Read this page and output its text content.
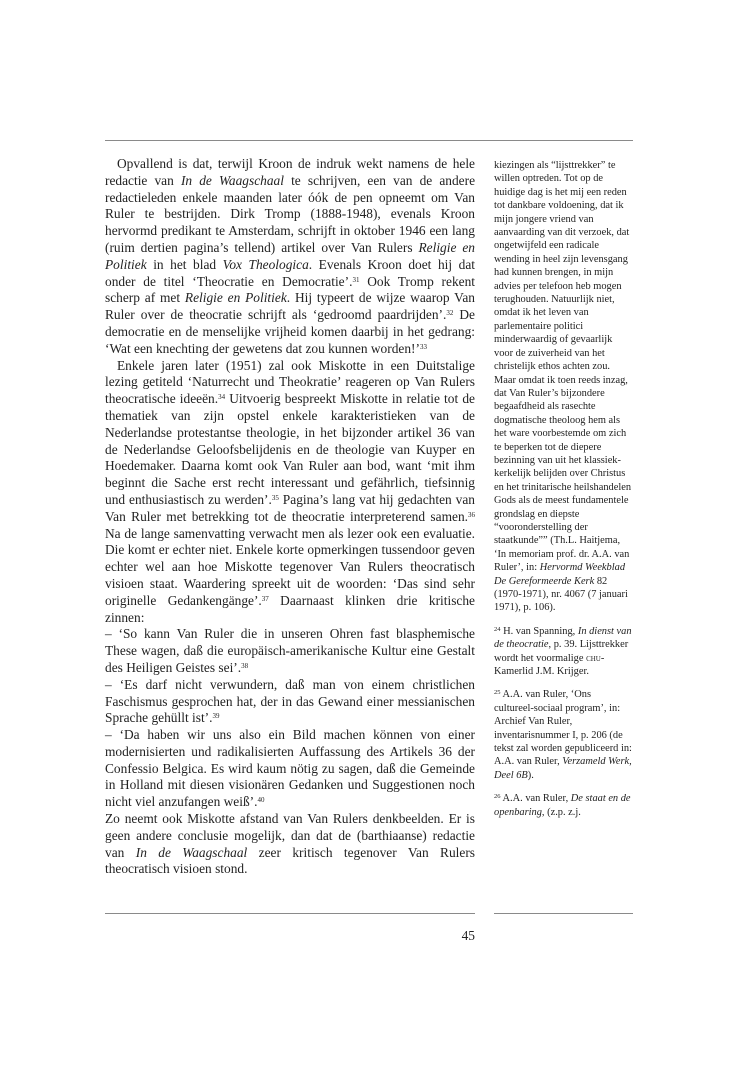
Opvallend is dat, terwijl Kroon de indruk wekt namens de hele redactie van In de Waagschaal te schrijven, een van de andere redactieleden enkele maanden later óók de pen opneemt om Van Ruler te bestrijden. Dirk Tromp (1888-1948), evenals Kroon hervormd predikant te Amsterdam, schrijft in oktober 1946 een lang (ruim dertien pagina’s tellend) artikel over Van Rulers Religie en Politiek in het blad Vox Theologica. Evenals Kroon doet hij dat onder de titel ‘Theocratie en Democratie’.$^{31}$ Ook Tromp rekent scherp af met Religie en Politiek. Hij typeert de wijze waarop Van Ruler over de theocratie schrijft als ‘gedroomd paardrijden’.$^{32}$ De democratie en de menselijke vrijheid komen daarbij in het gedrang: ‘Wat een knechting der gewetens dat zou kunnen worden!’$^{33}$

Enkele jaren later (1951) zal ook Miskotte in een Duitstalige lezing getiteld ‘Naturrecht und Theokratie’ reageren op Van Rulers theocratische ideeën.$^{34}$ Uitvoerig bespreekt Miskotte in relatie tot de thematiek van zijn opstel enkele karakteristieken van de Nederlandse protestantse theologie, in het bijzonder artikel 36 van de Nederlandse Geloofsbelijdenis en de theologie van Kuyper en Hoedemaker. Daarna komt ook Van Ruler aan bod, want ‘mit ihm beginnt die Sache erst recht interessant und gefährlich, tiefsinnig und enthusiastisch zu werden’.$^{35}$ Pagina’s lang vat hij gedachten van Van Ruler met betrekking tot de theocratie interpreterend samen.$^{36}$ Na de lange samenvatting verwacht men als lezer ook een evaluatie. Die komt er echter niet. Enkele korte opmerkingen tussendoor geven echter wel aan hoe Miskotte tegenover Van Rulers theocratisch visioen staat. Waardering spreekt uit de woorden: ‘Das sind sehr originelle Gedankengänge’.$^{37}$ Daarnaast klinken drie kritische zinnen:

– ‘So kann Van Ruler die in unseren Ohren fast blasphemische These wagen, daß die europäisch-amerikanische Kultur eine Gestalt des Heiligen Geistes sei’.$^{38}$

– ‘Es darf nicht verwundern, daß man von einem christlichen Faschismus gesprochen hat, der in das Gewand einer messianischen Sprache gehüllt ist’.$^{39}$

– ‘Da haben wir uns also ein Bild machen können von einer modernisierten und radikalisierten Auffassung des Artikels 36 der Confessio Belgica. Es wird kaum nötig zu sagen, daß die Gemeinde in Holland mit diesen visionären Gedanken und Suggestionen noch nicht viel anzufangen weiß’.$^{40}$

Zo neemt ook Miskotte afstand van Van Rulers denkbeelden. Er is geen andere conclusie mogelijk, dan dat de (barthiaanse) redactie van In de Waagschaal zeer kritisch tegenover Van Rulers theocratisch visioen stond.

kiezingen als “lijsttrekker” te willen optreden. Tot op de huidige dag is het mij een reden tot dankbare voldoening, dat ik mijn jongere vriend van aanvaarding van dit verzoek, dat ongetwijfeld een radicale wending in heel zijn levensgang had kunnen brengen, in mijn advies per telefoon heb mogen terughouden. Natuurlijk niet, omdat ik het leven van parlementaire politici minderwaardig of gevaarlijk voor de zuiverheid van het christelijk ethos achten zou. Maar omdat ik toen reeds inzag, dat Van Ruler’s bijzondere begaafdheid als rasechte dogmatische theoloog hem als het ware voorbestemde om zich te beperken tot de diepere bezinning van uit het klassiek-kerkelijk belijden over Christus en het trinitarische heilshandelen Gods als de meest fundamentele grondslag en diepste “vooronderstelling der staatkunde”” (Th.L. Haitjema, ‘In memoriam prof. dr. A.A. van Ruler’, in: Hervormd Weekblad De Gereformeerde Kerk 82 (1970-1971), nr. 4067 (7 januari 1971), p. 106).

$^{24}$ H. van Spanning, In dienst van de theocratie, p. 39. Lijsttrekker wordt het voormalige chu-Kamerlid J.M. Krijger.

$^{25}$ A.A. van Ruler, ‘Ons cultureel-sociaal program’, in: Archief Van Ruler, inventarisnummer I, p. 206 (de tekst zal worden gepubliceerd in: A.A. van Ruler, Verzameld Werk, Deel 6B).

$^{26}$ A.A. van Ruler, De staat en de openbaring, (z.p. z.j.

45
